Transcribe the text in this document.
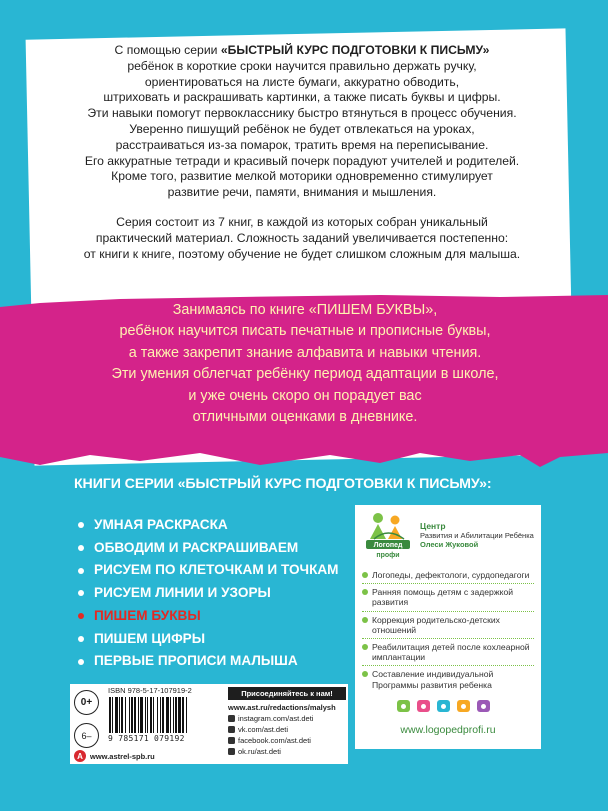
С помощью серии «БЫСТРЫЙ КУРС ПОДГОТОВКИ К ПИСЬМУ»
ребёнок в короткие сроки научится правильно держать ручку,
ориентироваться на листе бумаги, аккуратно обводить,
штриховать и раскрашивать картинки, а также писать буквы и цифры.
Эти навыки помогут первокласснику быстро втянуться в процесс обучения.
Уверенно пишущий ребёнок не будет отвлекаться на уроках,
расстраиваться из-за помарок, тратить время на переписывание.
Его аккуратные тетради и красивый почерк порадуют учителей и родителей.
Кроме того, развитие мелкой моторики одновременно стимулирует
развитие речи, памяти, внимания и мышления.

Серия состоит из 7 книг, в каждой из которых собран уникальный
практический материал. Сложность заданий увеличивается постепенно:
от книги к книге, поэтому обучение не будет слишком сложным для малыша.

Занимаясь по книге «ПИШЕМ БУКВЫ»,
ребёнок научится писать печатные и прописные буквы,
а также закрепит знание алфавита и навыки чтения.
Эти умения облегчат ребёнку период адаптации в школе,
и уже очень скоро он порадует вас
отличными оценками в дневнике.
КНИГИ СЕРИИ «БЫСТРЫЙ КУРС ПОДГОТОВКИ К ПИСЬМУ»:
УМНАЯ РАСКРАСКА
ОБВОДИМ И РАСКРАШИВАЕМ
РИСУЕМ ПО КЛЕТОЧКАМ И ТОЧКАМ
РИСУЕМ ЛИНИИ И УЗОРЫ
ПИШЕМ БУКВЫ
ПИШЕМ ЦИФРЫ
ПЕРВЫЕ ПРОПИСИ МАЛЫША
0+
6–
ISBN 978-5-17-107919-2
9 785171 079192
A www.astrel-spb.ru
Присоединяйтесь к нам!
www.ast.ru/redactions/malysh
instagram.com/ast.deti
vk.com/ast.deti
facebook.com/ast.deti
ok.ru/ast.deti
Логопед
профи
Центр
Развития и Абилитации Ребёнка
Олеси Жуковой
Логопеды, дефектологи, сурдопедагоги
Ранняя помощь детям с задержкой развития
Коррекция родительско-детских отношений
Реабилитация детей после кохлеарной имплантации
Составление индивидуальной Программы развития ребенка
www.logopedprofi.ru
